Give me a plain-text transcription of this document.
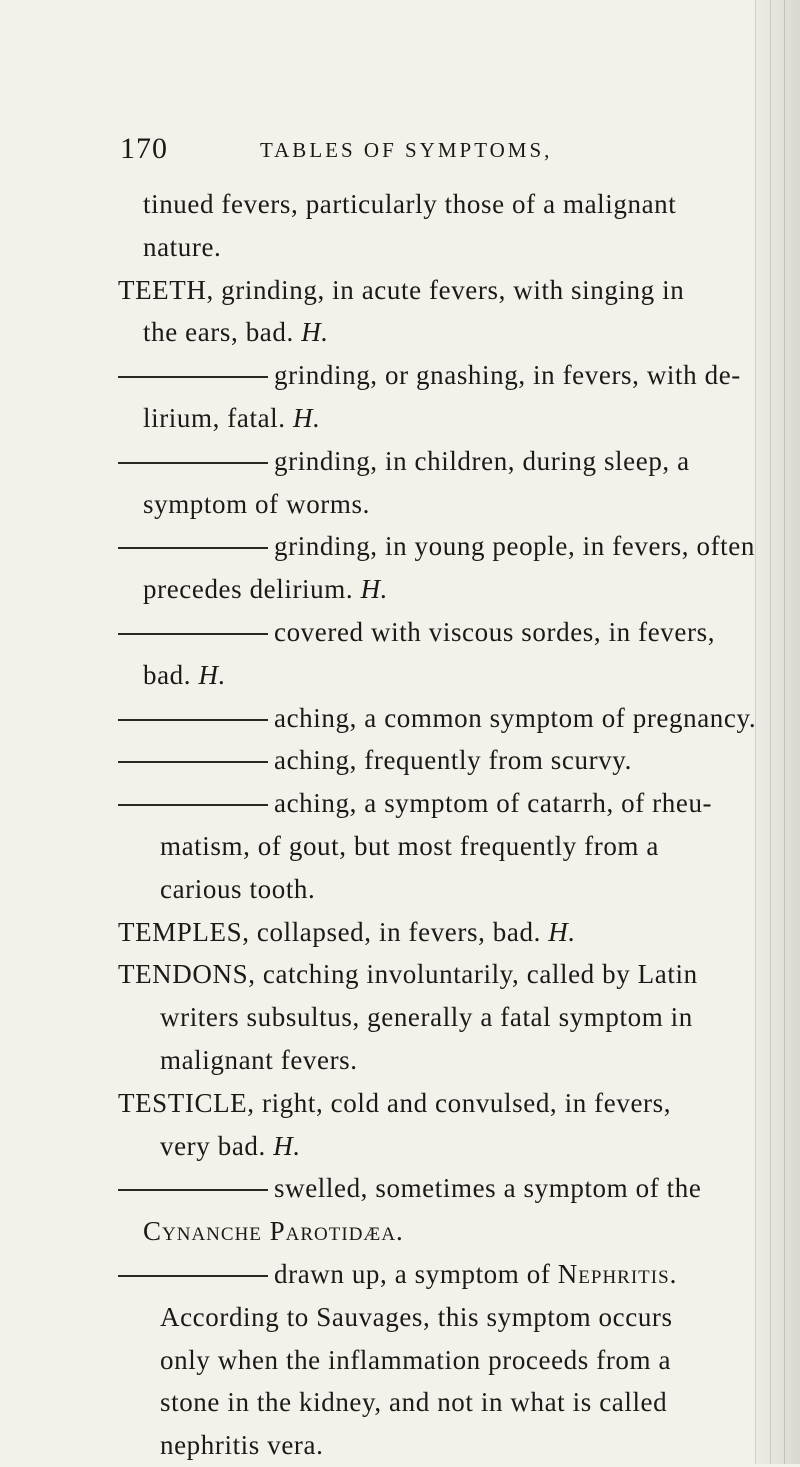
170	TABLES OF SYMPTOMS,
tinued fevers, particularly those of a malignant
nature.
TEETH, grinding, in acute fevers, with singing in
the ears, bad. H.
grinding, or gnashing, in fevers, with de-
lirium, fatal. H.
grinding, in children, during sleep, a
symptom of worms.
grinding, in young people, in fevers, often
precedes delirium. H.
covered with viscous sordes, in fevers,
bad. H.
aching, a common symptom of pregnancy.
aching, frequently from scurvy.
aching, a symptom of catarrh, of rheu-
matism, of gout, but most frequently from a
carious tooth.
TEMPLES, collapsed, in fevers, bad. H.
TENDONS, catching involuntarily, called by Latin
writers subsultus, generally a fatal symptom in
malignant fevers.
TESTICLE, right, cold and convulsed, in fevers,
very bad. H.
swelled, sometimes a symptom of the
Cynanche Parotidæa.
drawn up, a symptom of Nephritis.
According to Sauvages, this symptom occurs
only when the inflammation proceeds from a
stone in the kidney, and not in what is called
nephritis vera.
